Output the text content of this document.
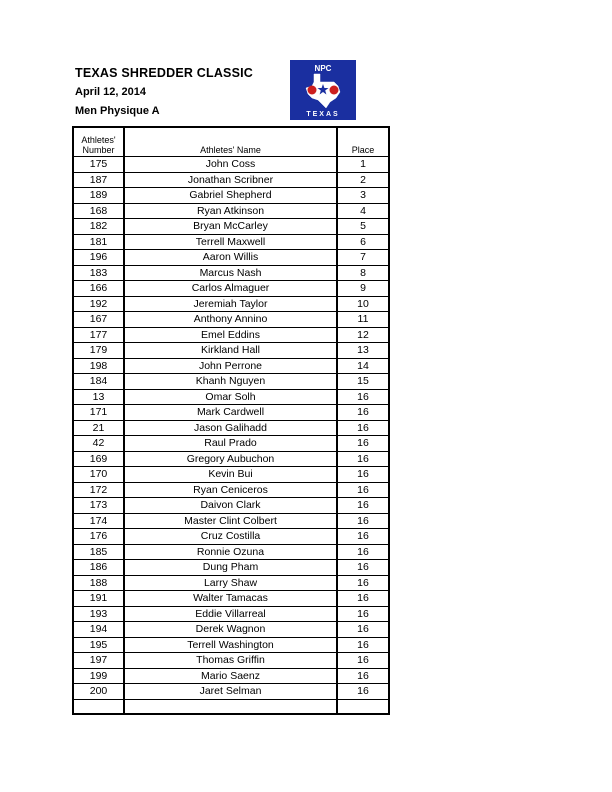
TEXAS SHREDDER CLASSIC
April 12, 2014
Men Physique A
NPC
TEXAS
Athletes' Number	Athletes' Name	Place
175	John Coss	1
187	Jonathan Scribner	2
189	Gabriel Shepherd	3
168	Ryan Atkinson	4
182	Bryan McCarley	5
181	Terrell Maxwell	6
196	Aaron Willis	7
183	Marcus Nash	8
166	Carlos Almaguer	9
192	Jeremiah Taylor	10
167	Anthony Annino	11
177	Emel Eddins	12
179	Kirkland Hall	13
198	John Perrone	14
184	Khanh Nguyen	15
13	Omar Solh	16
171	Mark Cardwell	16
21	Jason Galihadd	16
42	Raul Prado	16
169	Gregory Aubuchon	16
170	Kevin Bui	16
172	Ryan Ceniceros	16
173	Daivon Clark	16
174	Master Clint Colbert	16
176	Cruz Costilla	16
185	Ronnie Ozuna	16
186	Dung Pham	16
188	Larry Shaw	16
191	Walter Tamacas	16
193	Eddie Villarreal	16
194	Derek Wagnon	16
195	Terrell Washington	16
197	Thomas Griffin	16
199	Mario Saenz	16
200	Jaret Selman	16
